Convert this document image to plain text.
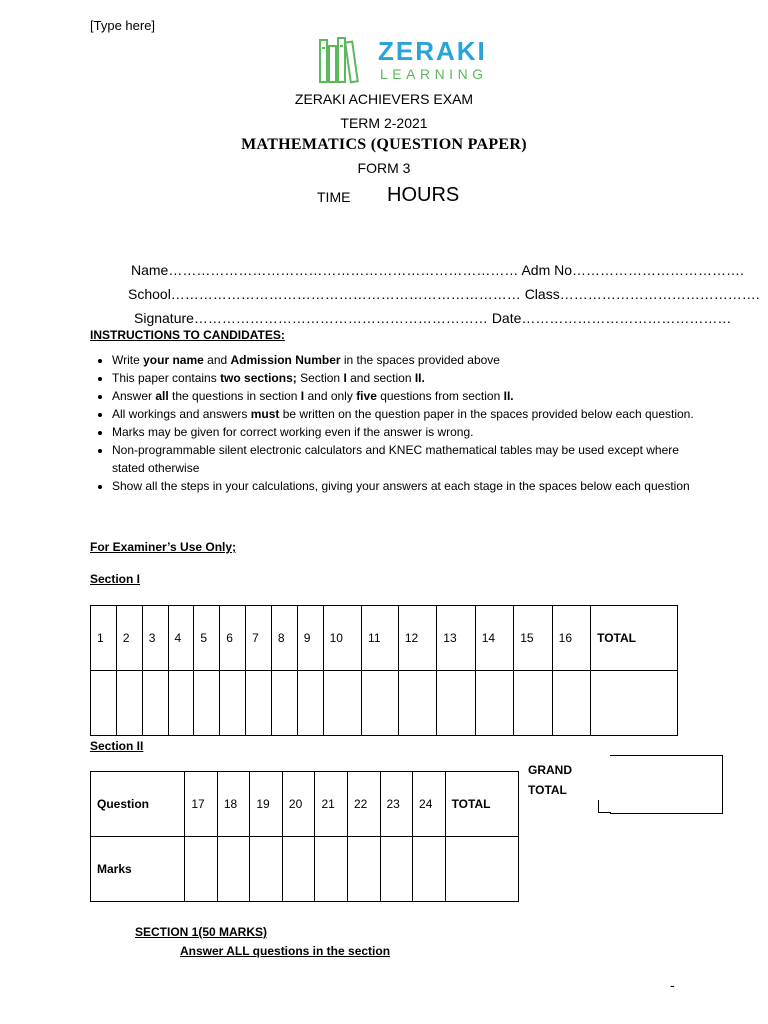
[Type here]
ZERAKI
LEARNING
ZERAKI ACHIEVERS EXAM
TERM 2-2021
MATHEMATICS (QUESTION PAPER)
FORM 3
TIME HOURS
Name………………………………………………………………… Adm No……………………………….
School………………………………………………………………… Class…………………………………….
Signature……………………………………………………… Date………………………………………
INSTRUCTIONS TO CANDIDATES:
• Write your name and Admission Number in the spaces provided above
• This paper contains two sections; Section I and section II.
• Answer all the questions in section I and only five questions from section II.
• All workings and answers must be written on the question paper in the spaces provided below each question.
• Marks may be given for correct working even if the answer is wrong.
• Non-programmable silent electronic calculators and KNEC mathematical tables may be used except where stated otherwise
• Show all the steps in your calculations, giving your answers at each stage in the spaces below each question
For Examiner’s Use Only;
Section I
1	2	3	4	5	6	7	8	9	10	11	12	13	14	15	16	TOTAL

Section II
Question	17	18	19	20	21	22	23	24	TOTAL
Marks									
GRAND
TOTAL
SECTION 1(50 MARKS)
Answer ALL questions in the section
-
